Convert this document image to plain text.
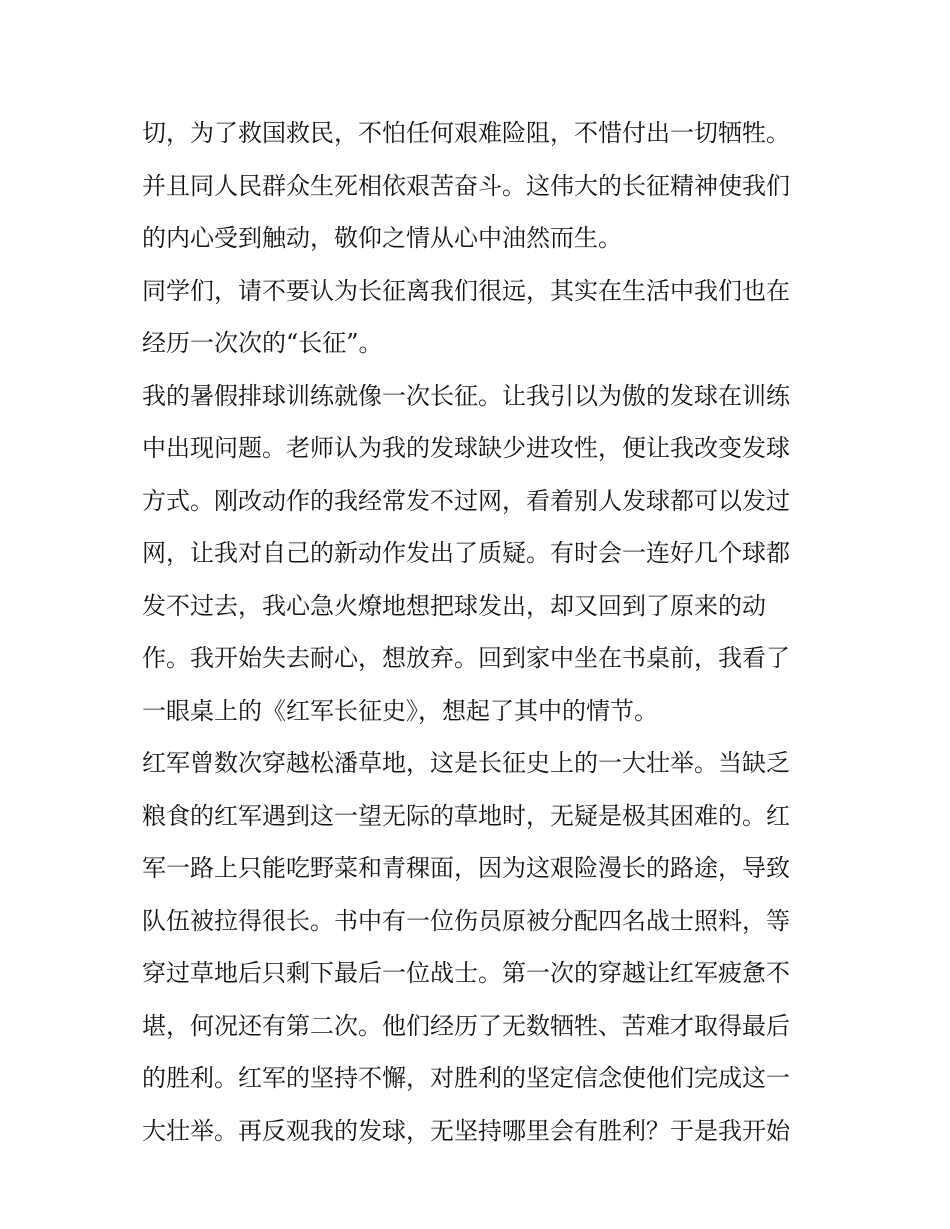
切，为了救国救民，不怕任何艰难险阻，不惜付出一切牺牲。
并且同人民群众生死相依艰苦奋斗。这伟大的长征精神使我们
的内心受到触动，敬仰之情从心中油然而生。
同学们，请不要认为长征离我们很远，其实在生活中我们也在
经历一次次的“长征”。
我的暑假排球训练就像一次长征。让我引以为傲的发球在训练
中出现问题。老师认为我的发球缺少进攻性，便让我改变发球
方式。刚改动作的我经常发不过网，看着别人发球都可以发过
网，让我对自己的新动作发出了质疑。有时会一连好几个球都
发不过去，我心急火燎地想把球发出，却又回到了原来的动
作。我开始失去耐心，想放弃。回到家中坐在书桌前，我看了
一眼桌上的《红军长征史》，想起了其中的情节。
红军曾数次穿越松潘草地，这是长征史上的一大壮举。当缺乏
粮食的红军遇到这一望无际的草地时，无疑是极其困难的。红
军一路上只能吃野菜和青稞面，因为这艰险漫长的路途，导致
队伍被拉得很长。书中有一位伤员原被分配四名战士照料，等
穿过草地后只剩下最后一位战士。第一次的穿越让红军疲惫不
堪，何况还有第二次。他们经历了无数牺牲、苦难才取得最后
的胜利。红军的坚持不懈，对胜利的坚定信念使他们完成这一
大壮举。再反观我的发球，无坚持哪里会有胜利？于是我开始
